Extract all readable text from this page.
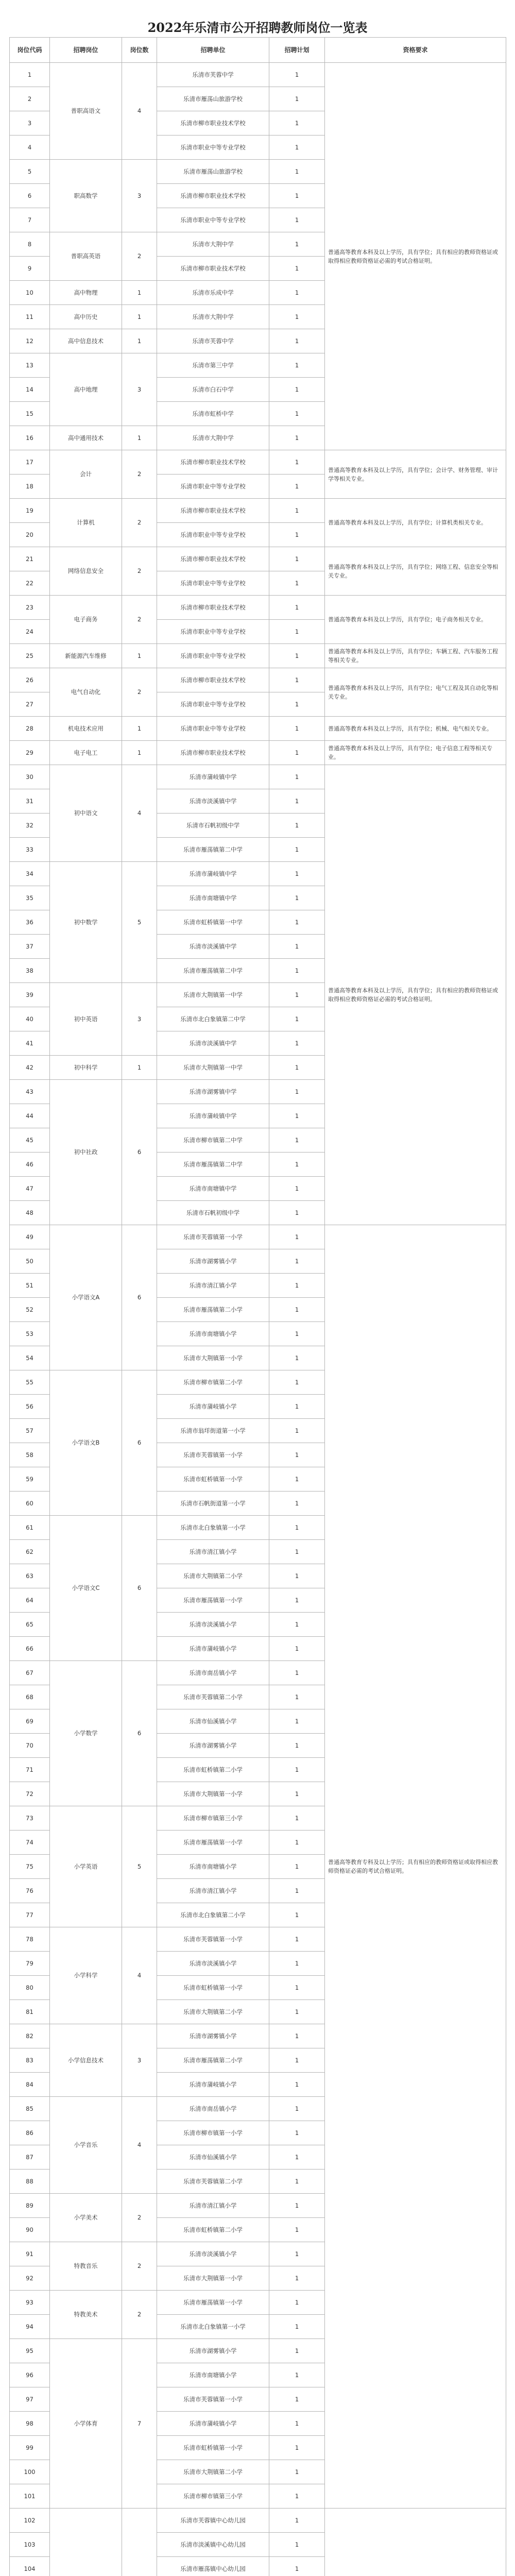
2022年乐清市公开招聘教师岗位一览表
岗位代码	招聘岗位	岗位数	招聘单位	招聘计划	资格要求
1	普职高语文	4	乐清市芙蓉中学	1	普通高等教育本科及以上学历，具有学位；具有相应的教师资格证或取得相应教师资格证必需的考试合格证明。
2			乐清市雁荡山旅游学校	1	
3			乐清市柳市职业技术学校	1	
4			乐清市职业中等专业学校	1	
5	职高数学	3	乐清市雁荡山旅游学校	1	
6			乐清市柳市职业技术学校	1	
7			乐清市职业中等专业学校	1	
8	普职高英语	2	乐清市大荆中学	1	
9			乐清市柳市职业技术学校	1	
10	高中物理	1	乐清市乐成中学	1	
11	高中历史	1	乐清市大荆中学	1	
12	高中信息技术	1	乐清市芙蓉中学	1	
13	高中地理	3	乐清市第三中学	1	
14			乐清市白石中学	1	
15			乐清市虹桥中学	1	
16	高中通用技术	1	乐清市大荆中学	1	
17	会计	2	乐清市柳市职业技术学校	1	普通高等教育本科及以上学历，具有学位；会计学、财务管理、审计学等相关专业。
18			乐清市职业中等专业学校	1	
19	计算机	2	乐清市柳市职业技术学校	1	普通高等教育本科及以上学历，具有学位；计算机类相关专业。
20			乐清市职业中等专业学校	1	
21	网络信息安全	2	乐清市柳市职业技术学校	1	普通高等教育本科及以上学历，具有学位；网络工程、信息安全等相关专业。
22			乐清市职业中等专业学校	1	
23	电子商务	2	乐清市柳市职业技术学校	1	普通高等教育本科及以上学历，具有学位；电子商务相关专业。
24			乐清市职业中等专业学校	1	
25	新能源汽车维修	1	乐清市职业中等专业学校	1	普通高等教育本科及以上学历，具有学位；车辆工程、汽车服务工程等相关专业。
26	电气自动化	2	乐清市柳市职业技术学校	1	普通高等教育本科及以上学历，具有学位；电气工程及其自动化等相关专业。
27			乐清市职业中等专业学校	1	
28	机电技术应用	1	乐清市职业中等专业学校	1	普通高等教育本科及以上学历，具有学位；机械、电气相关专业。
29	电子电工	1	乐清市柳市职业技术学校	1	普通高等教育本科及以上学历，具有学位；电子信息工程等相关专业。
30	初中语文	4	乐清市蒲岐镇中学	1	普通高等教育本科及以上学历，具有学位；具有相应的教师资格证或取得相应教师资格证必需的考试合格证明。
31			乐清市淡溪镇中学	1	
32			乐清市石帆初级中学	1	
33			乐清市雁荡镇第二中学	1	
34	初中数学	5	乐清市蒲岐镇中学	1	
35			乐清市南塘镇中学	1	
36			乐清市虹桥镇第一中学	1	
37			乐清市淡溪镇中学	1	
38			乐清市雁荡镇第二中学	1	
39	初中英语	3	乐清市大荆镇第一中学	1	
40			乐清市北白象镇第二中学	1	
41			乐清市淡溪镇中学	1	
42	初中科学	1	乐清市大荆镇第一中学	1	
43	初中社政	6	乐清市湖雾镇中学	1	
44			乐清市蒲岐镇中学	1	
45			乐清市柳市镇第二中学	1	
46			乐清市雁荡镇第二中学	1	
47			乐清市南塘镇中学	1	
48			乐清市石帆初级中学	1	
49	小学语文A	6	乐清市芙蓉镇第一小学	1	普通高等教育专科及以上学历；具有相应的教师资格证或取得相应教师资格证必需的考试合格证明。
50			乐清市湖雾镇小学	1	
51			乐清市清江镇小学	1	
52			乐清市雁荡镇第二小学	1	
53			乐清市南塘镇小学	1	
54			乐清市大荆镇第一小学	1	
55	小学语文B	6	乐清市柳市镇第二小学	1	
56			乐清市蒲岐镇小学	1	
57			乐清市翁垟街道第一小学	1	
58			乐清市芙蓉镇第一小学	1	
59			乐清市虹桥镇第一小学	1	
60			乐清市石帆街道第一小学	1	
61	小学语文C	6	乐清市北白象镇第一小学	1	
62			乐清市清江镇小学	1	
63			乐清市大荆镇第二小学	1	
64			乐清市雁荡镇第一小学	1	
65			乐清市淡溪镇小学	1	
66			乐清市蒲岐镇小学	1	
67	小学数学	6	乐清市南岳镇小学	1	
68			乐清市芙蓉镇第二小学	1	
69			乐清市仙溪镇小学	1	
70			乐清市湖雾镇小学	1	
71			乐清市虹桥镇第二小学	1	
72			乐清市大荆镇第一小学	1	
73	小学英语	5	乐清市柳市镇第三小学	1	
74			乐清市雁荡镇第一小学	1	
75			乐清市南塘镇小学	1	
76			乐清市清江镇小学	1	
77			乐清市北白象镇第二小学	1	
78	小学科学	4	乐清市芙蓉镇第一小学	1	
79			乐清市淡溪镇小学	1	
80			乐清市虹桥镇第一小学	1	
81			乐清市大荆镇第二小学	1	
82	小学信息技术	3	乐清市湖雾镇小学	1	
83			乐清市雁荡镇第二小学	1	
84			乐清市蒲岐镇小学	1	
85	小学音乐	4	乐清市南岳镇小学	1	
86			乐清市柳市镇第一小学	1	
87			乐清市仙溪镇小学	1	
88			乐清市芙蓉镇第二小学	1	
89	小学美术	2	乐清市清江镇小学	1	
90			乐清市虹桥镇第二小学	1	
91	特教音乐	2	乐清市淡溪镇小学	1	
92			乐清市大荆镇第一小学	1	
93	特教美术	2	乐清市雁荡镇第一小学	1	
94			乐清市北白象镇第一小学	1	
95	小学体育	7	乐清市湖雾镇小学	1	
96			乐清市南塘镇小学	1	
97			乐清市芙蓉镇第一小学	1	
98			乐清市蒲岐镇小学	1	
99			乐清市虹桥镇第一小学	1	
100			乐清市大荆镇第二小学	1	
101			乐清市柳市镇第三小学	1	
102			乐清市芙蓉镇中心幼儿园	1	
103			乐清市淡溪镇中心幼儿园	1	
104			乐清市雁荡镇中心幼儿园	1	
